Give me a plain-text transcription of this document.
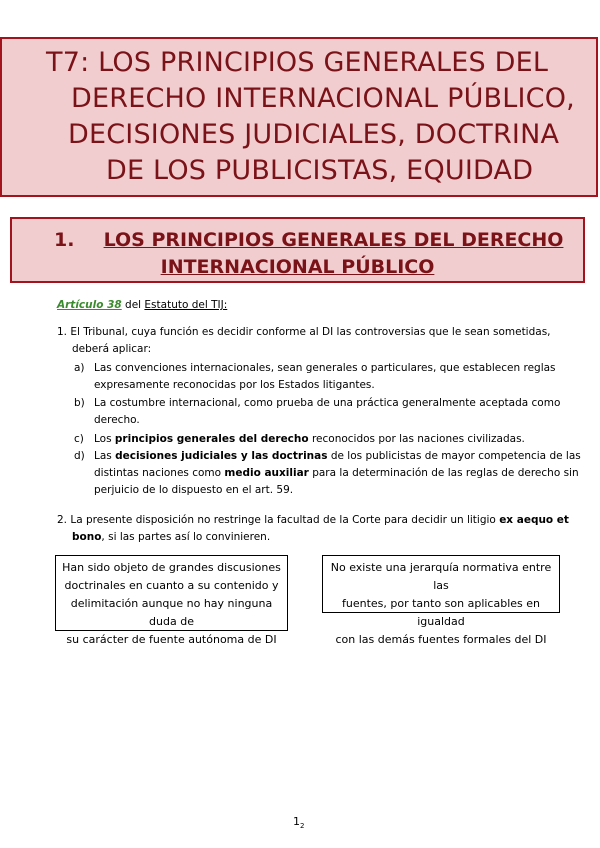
T7: LOS PRINCIPIOS GENERALES DEL
DERECHO INTERNACIONAL PÚBLICO,
DECISIONES JUDICIALES, DOCTRINA
DE LOS PUBLICISTAS, EQUIDAD
1.	LOS PRINCIPIOS GENERALES DEL DERECHO
INTERNACIONAL PÚBLICO
Artículo 38 del Estatuto del TIJ:
1. El Tribunal, cuya función es decidir conforme al DI las controversias que le sean sometidas,
deberá aplicar:
a) Las convenciones internacionales, sean generales o particulares, que establecen reglas
expresamente reconocidas por los Estados litigantes.
b) La costumbre internacional, como prueba de una práctica generalmente aceptada como
derecho.
c) Los principios generales del derecho reconocidos por las naciones civilizadas.
d) Las decisiones judiciales y las doctrinas de los publicistas de mayor competencia de las
distintas naciones como medio auxiliar para la determinación de las reglas de derecho sin
perjuicio de lo dispuesto en el art. 59.
2. La presente disposición no restringe la facultad de la Corte para decidir un litigio ex aequo et
bono, si las partes así lo convinieren.
Han sido objeto de grandes discusiones
doctrinales en cuanto a su contenido y
delimitación aunque no hay ninguna duda de
su carácter de fuente autónoma de DI
No existe una jerarquía normativa entre las
fuentes, por tanto son aplicables en igualdad
con las demás fuentes formales del DI
$1_2$
